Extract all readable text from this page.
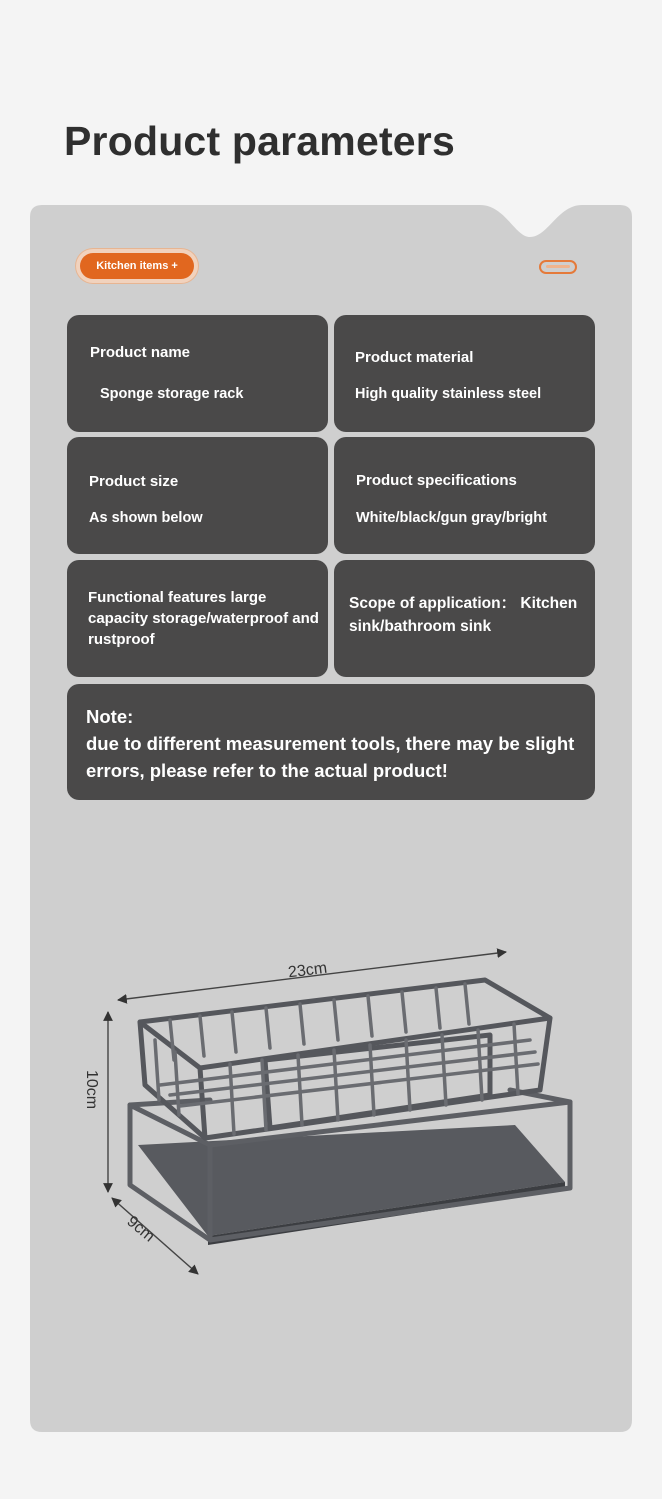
Product parameters
Kitchen items +
Product name
Sponge storage rack
Product material
High quality stainless steel
Product size
As shown below
Product specifications
White/black/gun gray/bright
Functional features large capacity storage/waterproof and rustproof
Scope of application： Kitchen sink/bathroom sink
Note:
due to different measurement tools, there may be slight errors, please refer to the actual product!
23cm
10cm
9cm
